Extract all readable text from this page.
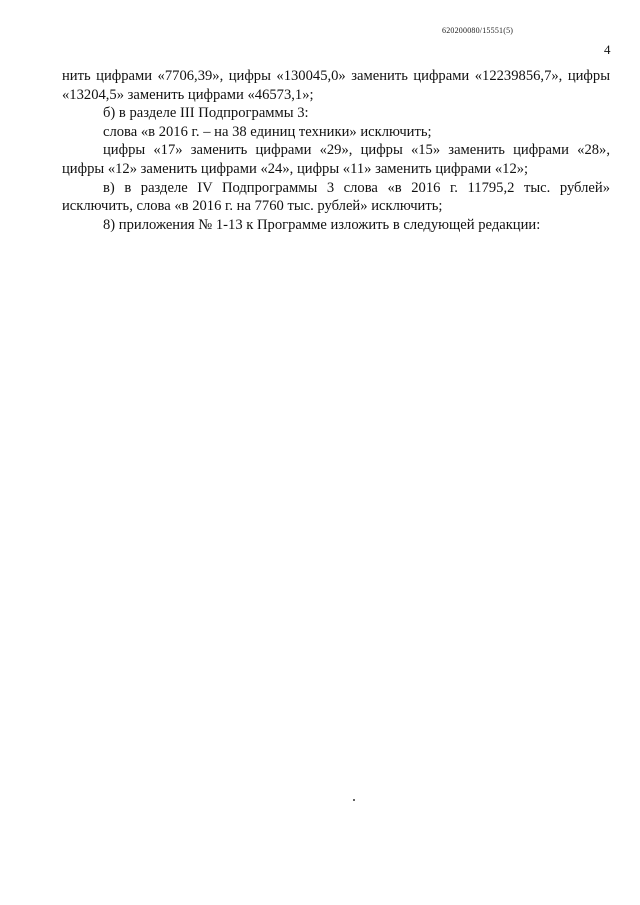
620200080/15551(5)
4

нить цифрами «7706,39», цифры «130045,0» заменить цифрами «12239856,7», цифры «13204,5» заменить цифрами «46573,1»;

б) в разделе III Подпрограммы 3:

слова «в 2016 г. – на 38 единиц техники» исключить;

цифры «17» заменить цифрами «29», цифры «15» заменить цифрами «28», цифры «12» заменить цифрами «24», цифры «11» заменить цифрами «12»;

в) в разделе IV Подпрограммы 3 слова «в 2016 г. 11795,2 тыс. рублей» исключить, слова «в 2016 г. на 7760 тыс. рублей» исключить;

8) приложения № 1-13 к Программе изложить в следующей редакции:
